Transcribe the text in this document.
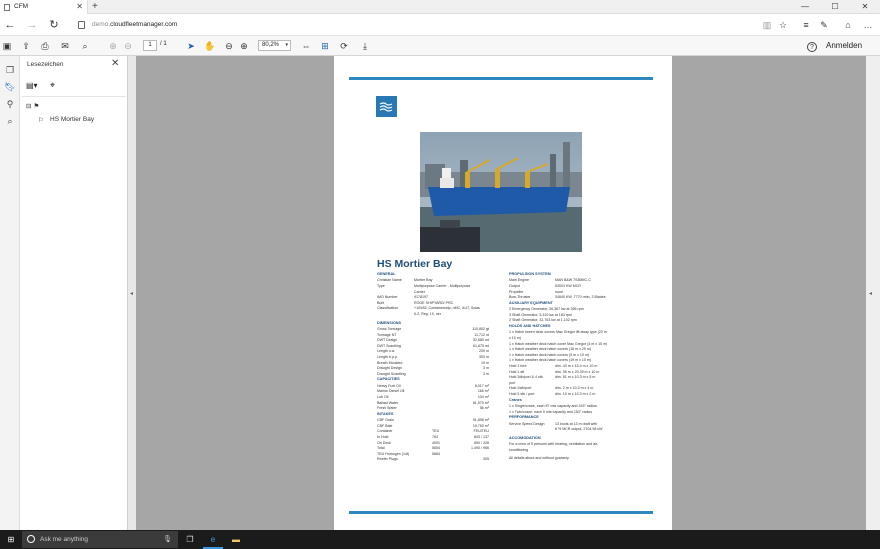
CFM	✕ +	—	☐	✕
←	→	↻	demo.cloudfleetmanager.com	▥ ☆	≡	✎	⌂	…
▣	⇪	⎙	✉	⌕	⊕ ⊖	1	/ 1	➤	✋	⊖ ⊕	80,2% ▾ ⇔	⊞	⟳	⤓	?	Anmelden
❐
🔖︎
⚲
⌕
Lesezeichen	✕
▤▾	⌖
⊟ ⚑
⚐ HS Mortier Bay
◂	◂
HS Mortier Bay
GENERAL
Christian Name	Mortier Bay
Type	Multipurpose Carrier - Multipurpose
Carrier
IMO Number	9178197
Built	ROGE SHIPYARD/ PRC
Classification	+100A5, Containership, nMC, AUT, Solas
II-2, Reg. 19, ner
DIMENSIONS
Gross Tonnage	110,802 gt
Tonnage NT	11,712 nt
DWT Design	52,680 mt
DWT Scantling	61,675 mt
Length o.a.	200 m
Length b.p.p.	300 m
Breath Moulded	19 m
Draught Design	3 m
Draught Scantling	3 m
CAPACITIES
Heavy Fuel Oil	8,017 m³
Marine Diesel Oil	166 m³
Lub Oil	104 m³
Ballast Water	61,570 m³
Fresh Water	56 m³
INTAKES
CBF Grain	91,898 m³
CBF Bale	19,750 m³
Container	TEU	FEU/TEU
In Hold	763	843 / 137
On Deck	4091	650 / 328
Total	5654	1,490 / 966
TEU Homogen (14t)	5684
Reefer Plugs	305
PROPULSION SYSTEM
Main Engine	MAN B&W 7S80MC-C
Output	63003 KW MCR
Propeller	none
Bow-Thruster	34840 KW, 7770 rmin, 3 Blades
AUXILIARY EQUIPMENT
3 Emergency Generator, 26,367 kw at 396 rpm
3 Shaft Generator, 5,310 kw at 183 rpm
2 Shaft Generator, 32,763 kw at 1,102 rpm
HOLDS AND HATCHES
1 x Hatch tween deck covers Mac Gregor lift away type (22 m
x 10 m)
1 x Hatch weather deck hatch cover Mac Gregor (4 m x 15 m)
1 x Hatch weather deck hatch covers (16 m x 20 m)
1 x Hatch weather deck hatch covers (5 m x 10 m)
1 x Hatch weather deck hatch covers (19 m x 10 m)
Hold 1 fore	dim. 43 m x 15.4 m x 10 m
Hold 1 aft	dim. 55 m x 20.39 m x 10 m
Hold 3db/port & 4 stb	dim. 51 m x 10.3 m x 5 m
port
Hold 2stb/port	dim. 2 m x 10.3 m x 4 m
Hold 5 stb / port	dim. 10 m x 10.3 m x 2 m
Cranes
1 x Single/crane, each 87 mts capacity and 153° radius
1 x Twin/crane, each 0 mts capacity and 153° radius
PERFORMANCE
Service Speed Design	13 knots at 13 m draft with
6 % MCR output, 2704.98 kW
ACCOMODATION
For a crew of 5 persons with heating, ventilation and air-
conditioning
All details about and without guaranty.
⊞	Ask me anything	🎙︎	❐	e	▬
